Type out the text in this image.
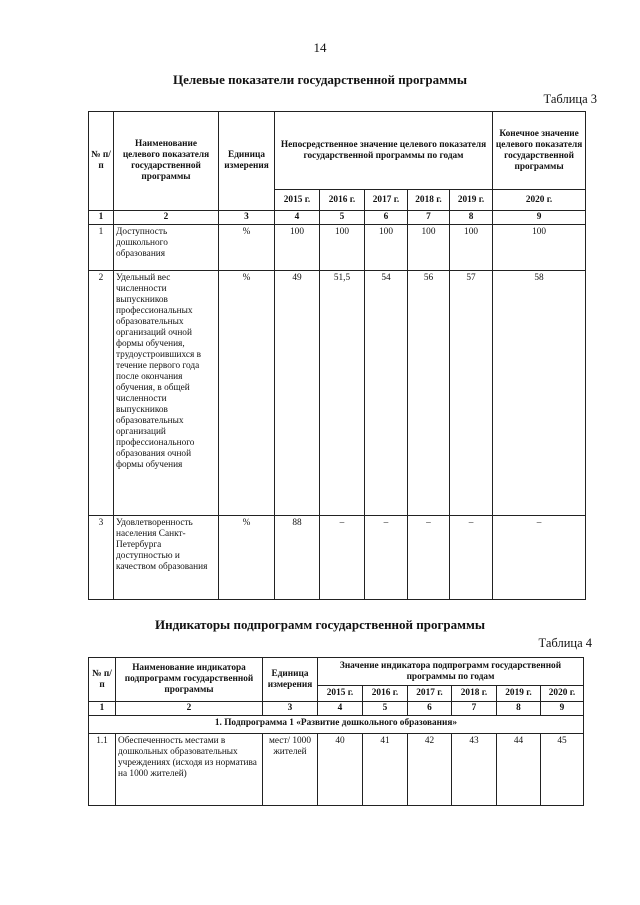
14
Целевые показатели государственной программы
Таблица 3
№ п/п	Наименование целевого показателя государственной программы	Единица измерения	Непосредственное значение целевого показателя государственной программы по годам					Конечное значение целевого показателя государственной программы
			2015 г.	2016 г.	2017 г.	2018 г.	2019 г.	2020 г.
1	2	3	4	5	6	7	8	9
1	Доступность дошкольного образования	%	100	100	100	100	100	100
2	Удельный вес численности выпускников профессиональных образовательных организаций очной формы обучения, трудоустроившихся в течение первого года после окончания обучения, в общей численности выпускников образовательных организаций профессионального образования очной формы обучения	%	49	51,5	54	56	57	58
3	Удовлетворенность населения Санкт-Петербурга доступностью и качеством образования	%	88	–	–	–	–	–
Индикаторы подпрограмм государственной программы
Таблица 4
№ п/п	Наименование индикатора подпрограмм государственной программы	Единица измерения	Значение индикатора подпрограмм государственной программы по годам					
			2015 г.	2016 г.	2017 г.	2018 г.	2019 г.	2020 г.
1	2	3	4	5	6	7	8	9
1. Подпрограмма 1 «Развитие дошкольного образования»								
1.1	Обеспеченность местами в дошкольных образовательных учреждениях (исходя из норматива на 1000 жителей)	мест/ 1000 жителей	40	41	42	43	44	45
